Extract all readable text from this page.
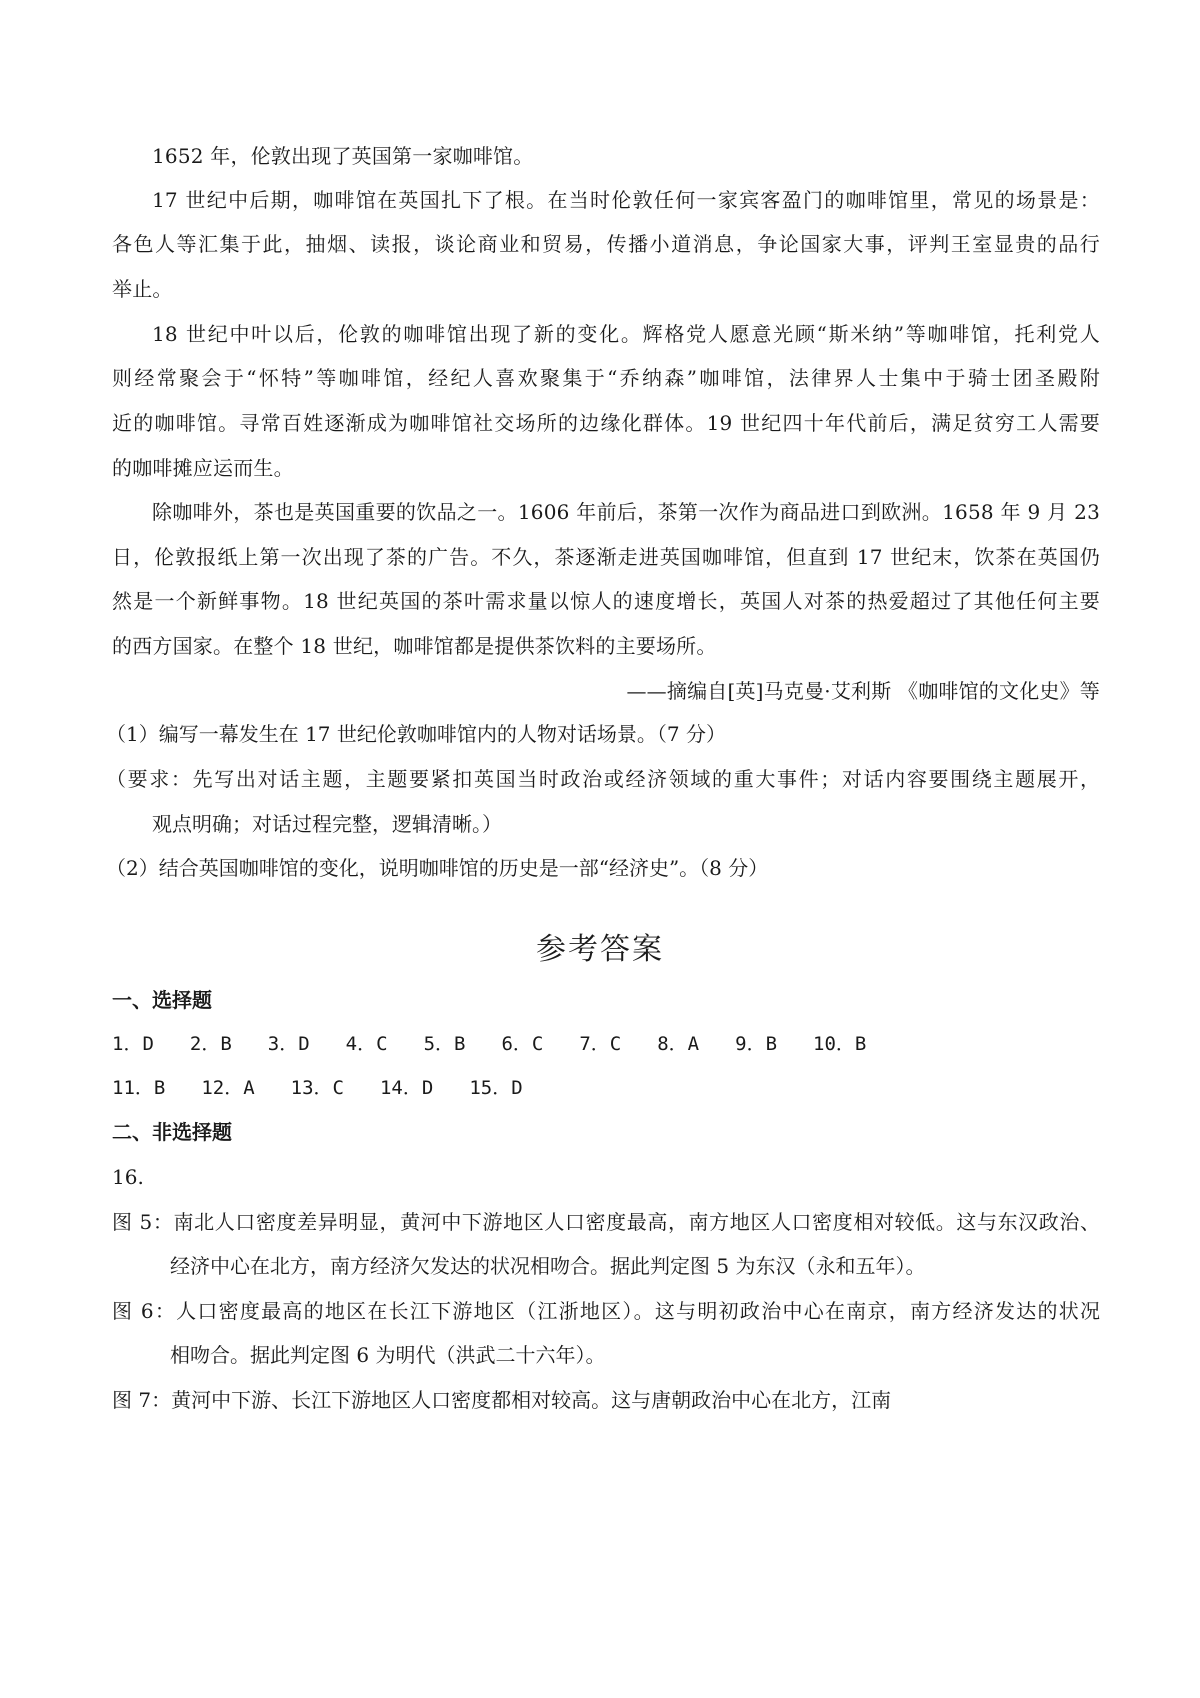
1652 年，伦敦出现了英国第一家咖啡馆。
17 世纪中后期，咖啡馆在英国扎下了根。在当时伦敦任何一家宾客盈门的咖啡馆里，常见的场景是：
各色人等汇集于此，抽烟、读报，谈论商业和贸易，传播小道消息，争论国家大事，评判王室显贵的品行
举止。
18 世纪中叶以后，伦敦的咖啡馆出现了新的变化。辉格党人愿意光顾“斯米纳”等咖啡馆，托利党人
则经常聚会于“怀特”等咖啡馆，经纪人喜欢聚集于“乔纳森”咖啡馆，法律界人士集中于骑士团圣殿附
近的咖啡馆。寻常百姓逐渐成为咖啡馆社交场所的边缘化群体。19 世纪四十年代前后，满足贫穷工人需要
的咖啡摊应运而生。
除咖啡外，茶也是英国重要的饮品之一。1606 年前后，茶第一次作为商品进口到欧洲。1658 年 9 月 23
日，伦敦报纸上第一次出现了茶的广告。不久，茶逐渐走进英国咖啡馆，但直到 17 世纪末，饮茶在英国仍
然是一个新鲜事物。18 世纪英国的茶叶需求量以惊人的速度增长，英国人对茶的热爱超过了其他任何主要
的西方国家。在整个 18 世纪，咖啡馆都是提供茶饮料的主要场所。
——摘编自[英]马克曼·艾利斯 《咖啡馆的文化史》等
（1）编写一幕发生在 17 世纪伦敦咖啡馆内的人物对话场景。（7 分）
（要求：先写出对话主题，主题要紧扣英国当时政治或经济领域的重大事件；对话内容要围绕主题展开，
观点明确；对话过程完整，逻辑清晰。）
（2）结合英国咖啡馆的变化，说明咖啡馆的历史是一部“经济史”。（8 分）
参考答案
一、选择题
1．D 2．B 3．D 4．C 5．B 6．C 7．C 8．A 9．B 10．B
11．B 12．A 13．C 14．D 15．D
二、非选择题
16.
图 5：南北人口密度差异明显，黄河中下游地区人口密度最高，南方地区人口密度相对较低。这与东汉政治、
经济中心在北方，南方经济欠发达的状况相吻合。据此判定图 5 为东汉（永和五年）。
图 6：人口密度最高的地区在长江下游地区（江浙地区）。这与明初政治中心在南京，南方经济发达的状况
相吻合。据此判定图 6 为明代（洪武二十六年）。
图 7：黄河中下游、长江下游地区人口密度都相对较高。这与唐朝政治中心在北方，江南
